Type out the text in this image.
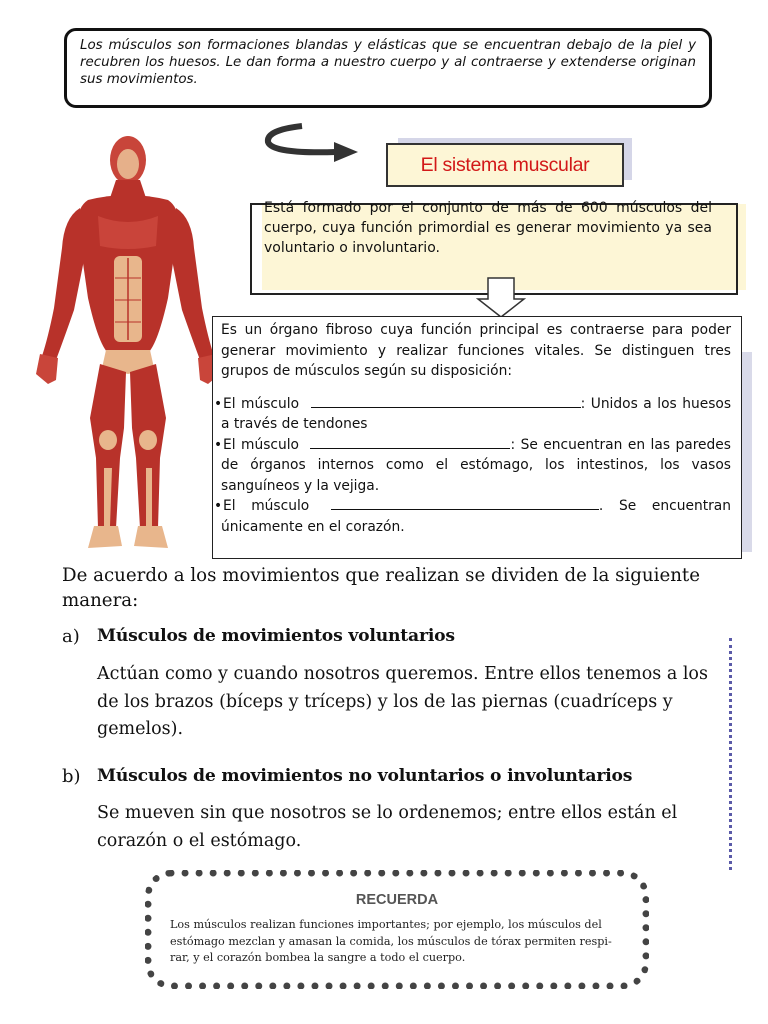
Los músculos son formaciones blandas y elásticas que se encuentran debajo de la piel y recubren los huesos. Le dan forma a nuestro cuerpo y al contraerse y extenderse originan sus movimientos.
El sistema muscular
Está formado por el conjunto de más de 600 músculos del cuerpo, cuya función primordial es generar movimiento ya sea voluntario o involuntario.

Es un órgano fibroso cuya función principal es contraerse para poder generar movimiento y realizar funciones vitales. Se distinguen tres grupos de músculos según su disposición:

• El músculo	: Unidos a los huesos a través de tendones
• El músculo	: Se encuentran en las paredes de órganos internos como el estómago, los intestinos, los vasos sanguíneos y la vejiga.
• El músculo	. Se encuentran únicamente en el corazón.
De acuerdo a los movimientos que realizan se dividen de la siguiente manera:
a) Músculos de movimientos voluntarios
Actúan como y cuando nosotros queremos. Entre ellos tenemos a los de los brazos (bíceps y tríceps) y los de las piernas (cuadríceps y gemelos).
b) Músculos de movimientos no voluntarios o involuntarios
Se mueven sin que nosotros se lo ordenemos; entre ellos están el corazón o el estómago.
RECUERDA
Los músculos realizan funciones importantes; por ejemplo, los músculos del estómago mezclan y amasan la comida, los músculos de tórax permiten respi-rar, y el corazón bombea la sangre a todo el cuerpo.
